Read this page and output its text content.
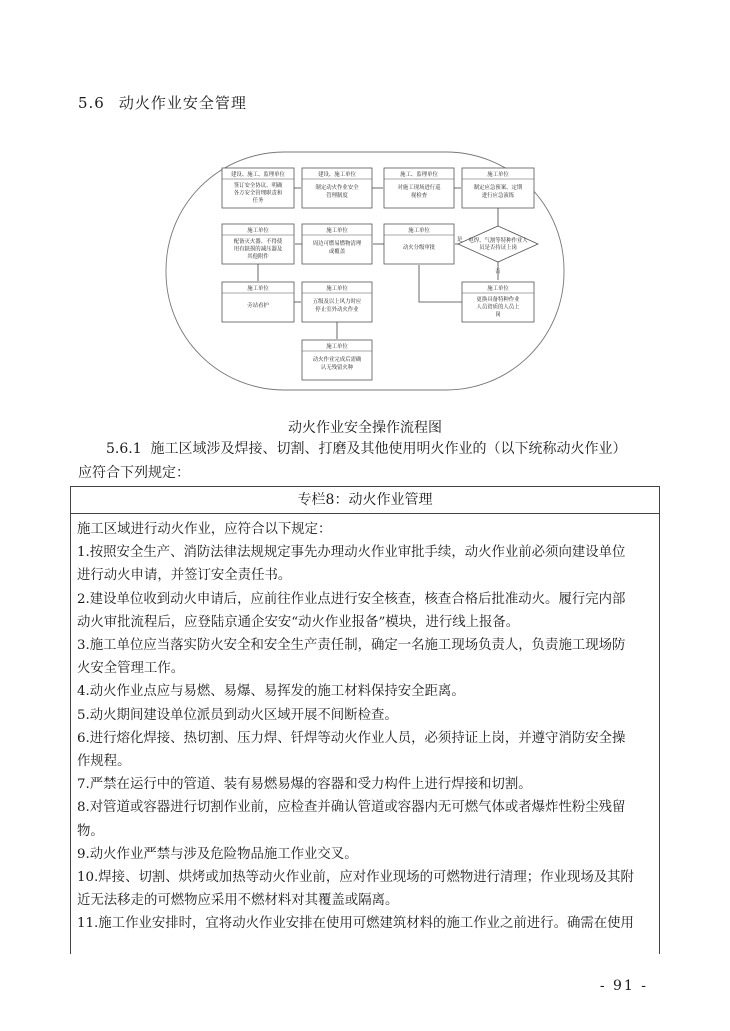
5.6 动火作业安全管理
建设、施工、监理单位
签订安全协议、明确
各方安全管理职责和
任务
建设、施工单位
制定动火作业安全
管理制度
施工、监理单位
对施工现场进行巡
视检查
施工单位
制定应急预案、定期
进行应急演练
施工单位
配备灭火器、不得使
用有缺损的减压器及
其他附件
施工单位
周边可燃易燃物清理
或覆盖
施工单位
动火分级审批
电焊、气割等特种作业人
员是否持证上岗
是
否
施工单位
旁站看护
施工单位
五级及以上风力时应
停止室外动火作业
施工单位
更换具备特种作业
人员资质的人员上
岗
施工单位
动火作业完成后需确
认无残留火种
动火作业安全操作流程图
5.6.1 施工区域涉及焊接、切割、打磨及其他使用明火作业的（以下统称动火作业）应符合下列规定：
专栏8：动火作业管理

施工区域进行动火作业，应符合以下规定：

1.按照安全生产、消防法律法规规定事先办理动火作业审批手续，动火作业前必须向建设单位

进行动火申请，并签订安全责任书。

2.建设单位收到动火申请后，应前往作业点进行安全核查，核查合格后批准动火。履行完内部

动火审批流程后，应登陆京通企安安“动火作业报备”模块，进行线上报备。

3.施工单位应当落实防火安全和安全生产责任制，确定一名施工现场负责人，负责施工现场防

火安全管理工作。

4.动火作业点应与易燃、易爆、易挥发的施工材料保持安全距离。

5.动火期间建设单位派员到动火区域开展不间断检查。

6.进行熔化焊接、热切割、压力焊、钎焊等动火作业人员，必须持证上岗，并遵守消防安全操

作规程。

7.严禁在运行中的管道、装有易燃易爆的容器和受力构件上进行焊接和切割。

8.对管道或容器进行切割作业前，应检查并确认管道或容器内无可燃气体或者爆炸性粉尘残留

物。

9.动火作业严禁与涉及危险物品施工作业交叉。

10.焊接、切割、烘烤或加热等动火作业前，应对作业现场的可燃物进行清理；作业现场及其附

近无法移走的可燃物应采用不燃材料对其覆盖或隔离。

11.施工作业安排时，宜将动火作业安排在使用可燃建筑材料的施工作业之前进行。确需在使用

- 91 -
